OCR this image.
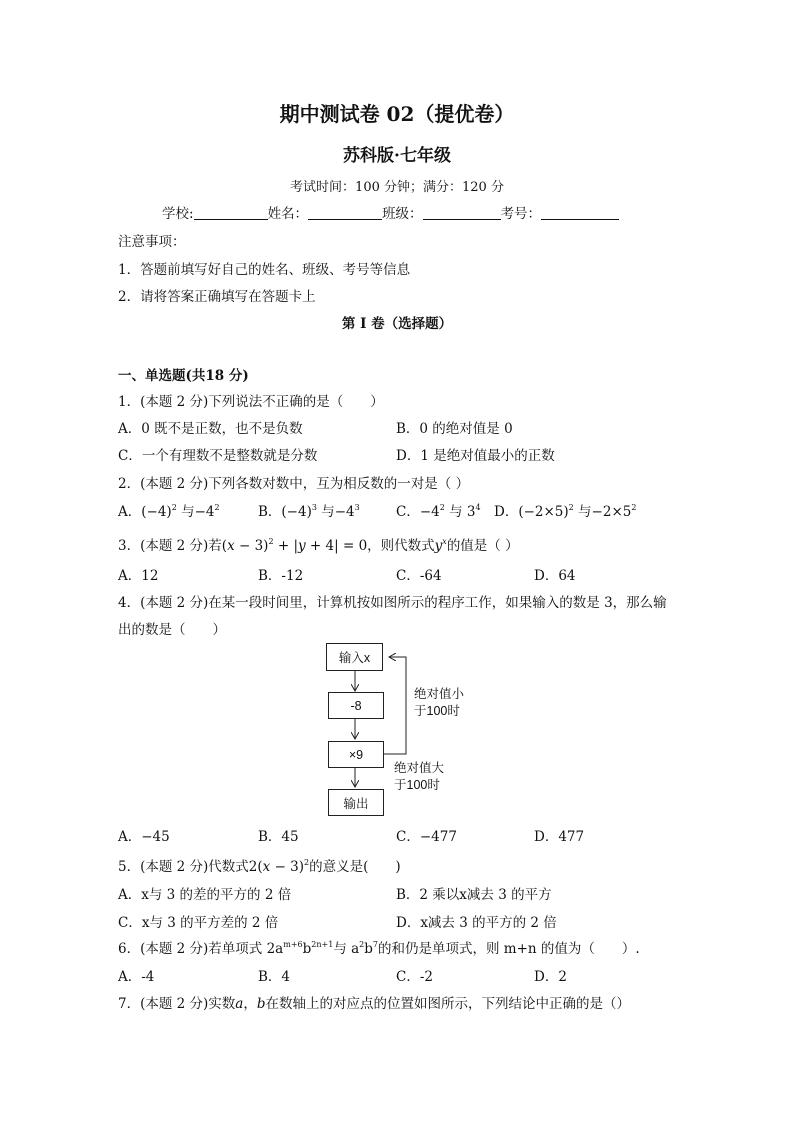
期中测试卷 02（提优卷）
苏科版·七年级
考试时间：100 分钟；满分：120 分
学校:	姓名：	班级：	考号：
注意事项：
1．答题前填写好自己的姓名、班级、考号等信息
2．请将答案正确填写在答题卡上
第 I 卷（选择题）
一、单选题(共18 分)
1．(本题 2 分)下列说法不正确的是（　　）
A．0 既不是正数，也不是负数	B．0 的绝对值是 0
C．一个有理数不是整数就是分数	D．1 是绝对值最小的正数
2．(本题 2 分)下列各数对数中，互为相反数的一对是（ ）
A．$(-4)^2$ 与$-4^2$	B．$(-4)^3$ 与$-4^3$	C．$-4^2$ 与 $3^4$ D．$(-2\times 5)^2$ 与$-2\times 5^2$
3．(本题 2 分)若$(x - 3)^2 + |y + 4| = 0$，则代数式$y^x$的值是（ ）
A．12	B．-12	C．-64	D．64
4．(本题 2 分)在某一段时间里，计算机按如图所示的程序工作，如果输入的数是 3，那么输
出的数是（　　）
输入x
-8
×9
输出
绝对值小
于100时
绝对值大
于100时
A．−45	B．45	C．−477	D．477
5．(本题 2 分)代数式$2(x - 3)^2$的意义是(　　)
A．x与 3 的差的平方的 2 倍	B．2 乘以x减去 3 的平方
C．x与 3 的平方差的 2 倍	D．x减去 3 的平方的 2 倍
6．(本题 2 分)若单项式 $2a^{m+6}b^{2n+1}$与 $a^2b^7$的和仍是单项式，则 m+n 的值为（　　）.
A．-4	B．4	C．-2	D．2
7．(本题 2 分)实数a，b在数轴上的对应点的位置如图所示，下列结论中正确的是（）
